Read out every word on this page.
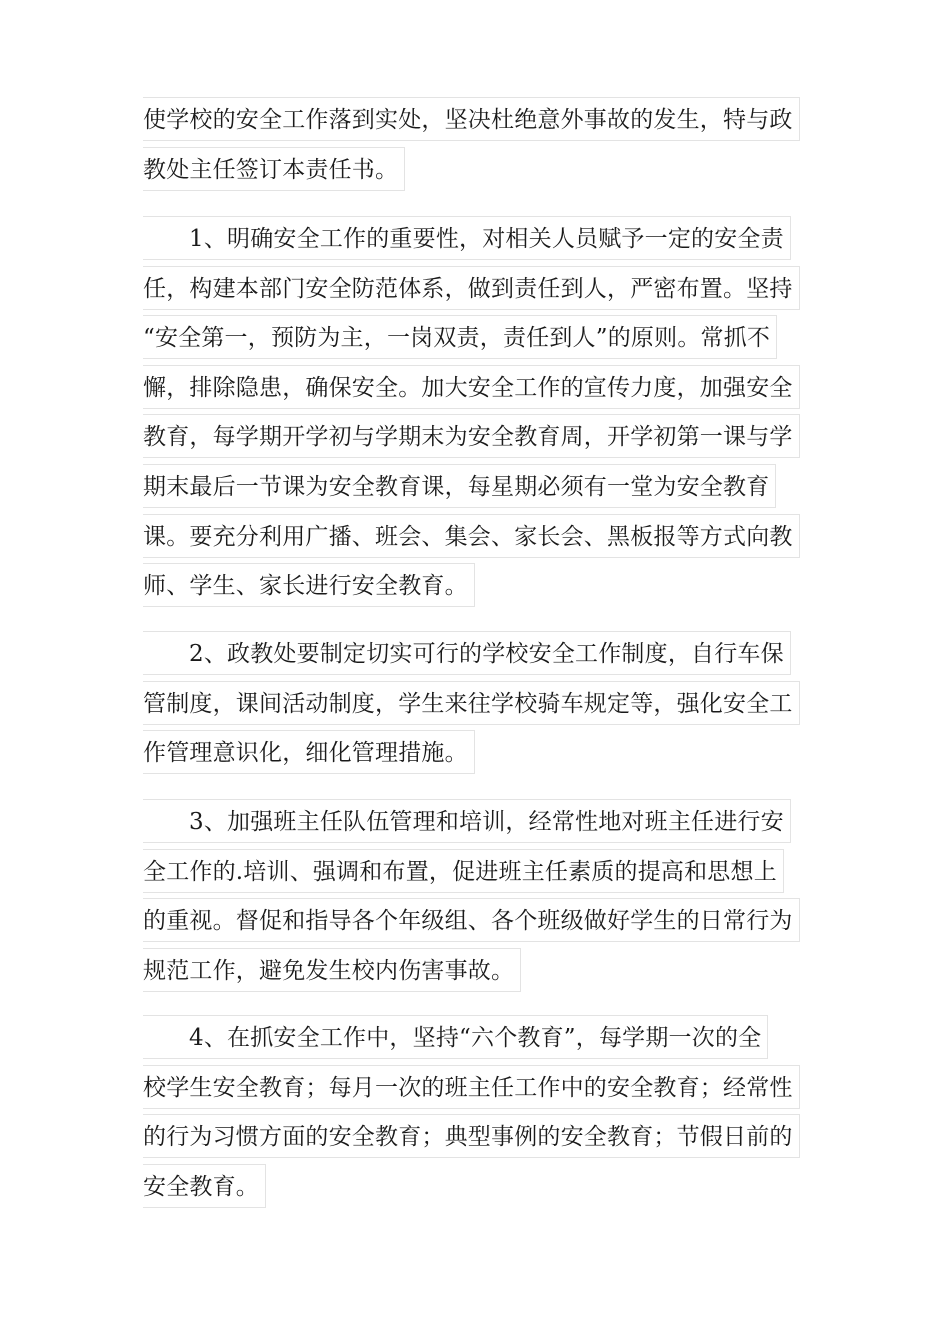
使学校的安全工作落到实处，坚决杜绝意外事故的发生，特与政
教处主任签订本责任书。
1、明确安全工作的重要性，对相关人员赋予一定的安全责
任，构建本部门安全防范体系，做到责任到人，严密布置。坚持
“安全第一，预防为主，一岗双责，责任到人”的原则。常抓不
懈，排除隐患，确保安全。加大安全工作的宣传力度，加强安全
教育，每学期开学初与学期末为安全教育周，开学初第一课与学
期末最后一节课为安全教育课，每星期必须有一堂为安全教育
课。要充分利用广播、班会、集会、家长会、黑板报等方式向教
师、学生、家长进行安全教育。
2、政教处要制定切实可行的学校安全工作制度，自行车保
管制度，课间活动制度，学生来往学校骑车规定等，强化安全工
作管理意识化，细化管理措施。
3、加强班主任队伍管理和培训，经常性地对班主任进行安
全工作的.培训、强调和布置，促进班主任素质的提高和思想上
的重视。督促和指导各个年级组、各个班级做好学生的日常行为
规范工作，避免发生校内伤害事故。
4、在抓安全工作中，坚持“六个教育”，每学期一次的全
校学生安全教育；每月一次的班主任工作中的安全教育；经常性
的行为习惯方面的安全教育；典型事例的安全教育；节假日前的
安全教育。
